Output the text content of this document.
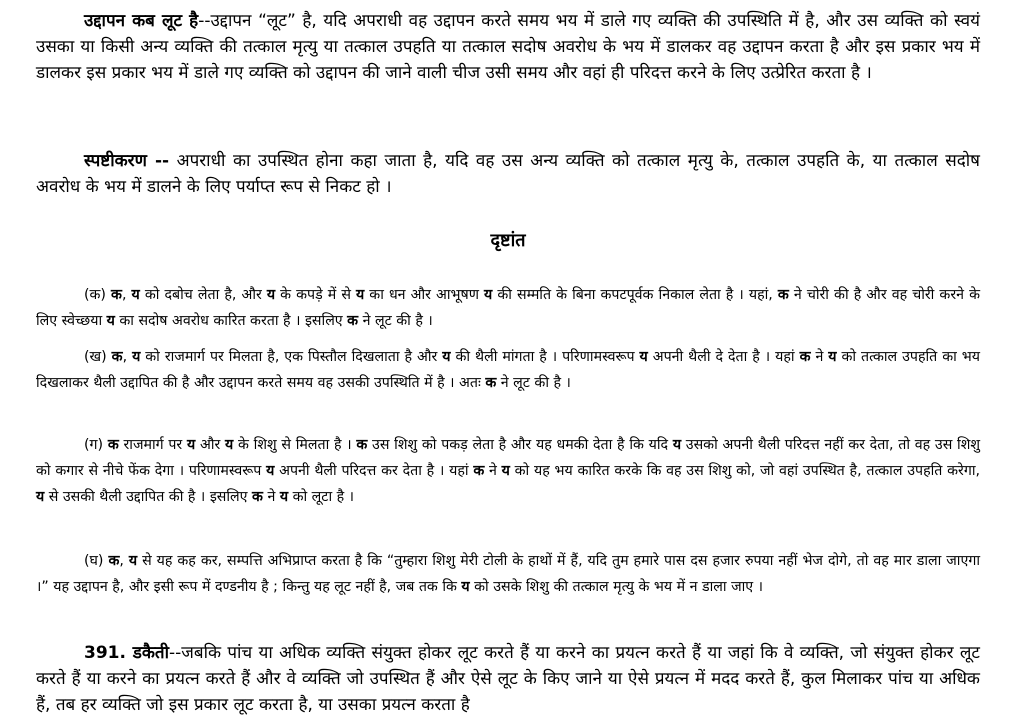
उद्दापन कब लूट है--उद्दापन “लूट” है, यदि अपराधी वह उद्दापन करते समय भय में डाले गए व्यक्ति की उपस्थिति में है, और उस व्यक्ति को स्वयं उसका या किसी अन्य व्यक्ति की तत्काल मृत्यु या तत्काल उपहति या तत्काल सदोष अवरोध के भय में डालकर वह उद्दापन करता है और इस प्रकार भय में डालकर इस प्रकार भय में डाले गए व्यक्ति को उद्दापन की जाने वाली चीज उसी समय और वहां ही परिदत्त करने के लिए उत्प्रेरित करता है ।

स्पष्टीकरण -- अपराधी का उपस्थित होना कहा जाता है, यदि वह उस अन्य व्यक्ति को तत्काल मृत्यु के, तत्काल उपहति के, या तत्काल सदोष अवरोध के भय में डालने के लिए पर्याप्त रूप से निकट हो ।

दृष्टांत

(क) क, य को दबोच लेता है, और य के कपड़े में से य का धन और आभूषण य की सम्मति के बिना कपटपूर्वक निकाल लेता है । यहां, क ने चोरी की है और वह चोरी करने के लिए स्वेच्छया य का सदोष अवरोध कारित करता है । इसलिए क ने लूट की है ।

(ख) क, य को राजमार्ग पर मिलता है, एक पिस्तौल दिखलाता है और य की थैली मांगता है । परिणामस्वरूप य अपनी थैली दे देता है । यहां क ने य को तत्काल उपहति का भय दिखलाकर थैली उद्दापित की है और उद्दापन करते समय वह उसकी उपस्थिति में है । अतः क ने लूट की है ।

(ग) क राजमार्ग पर य और य के शिशु से मिलता है । क उस शिशु को पकड़ लेता है और यह धमकी देता है कि यदि य उसको अपनी थैली परिदत्त नहीं कर देता, तो वह उस शिशु को कगार से नीचे फेंक देगा । परिणामस्वरूप य अपनी थैली परिदत्त कर देता है । यहां क ने य को यह भय कारित करके कि वह उस शिशु को, जो वहां उपस्थित है, तत्काल उपहति करेगा, य से उसकी थैली उद्दापित की है । इसलिए क ने य को लूटा है ।

(घ) क, य से यह कह कर, सम्पत्ति अभिप्राप्त करता है कि “तुम्हारा शिशु मेरी टोली के हाथों में हैं, यदि तुम हमारे पास दस हजार रुपया नहीं भेज दोगे, तो वह मार डाला जाएगा ।” यह उद्दापन है, और इसी रूप में दण्डनीय है ; किन्तु यह लूट नहीं है, जब तक कि य को उसके शिशु की तत्काल मृत्यु के भय में न डाला जाए ।

391. डकैती--जबकि पांच या अधिक व्यक्ति संयुक्त होकर लूट करते हैं या करने का प्रयत्न करते हैं या जहां कि वे व्यक्ति, जो संयुक्त होकर लूट करते हैं या करने का प्रयत्न करते हैं और वे व्यक्ति जो उपस्थित हैं और ऐसे लूट के किए जाने या ऐसे प्रयत्न में मदद करते हैं, कुल मिलाकर पांच या अधिक हैं, तब हर व्यक्ति जो इस प्रकार लूट करता है, या उसका प्रयत्न करता है
